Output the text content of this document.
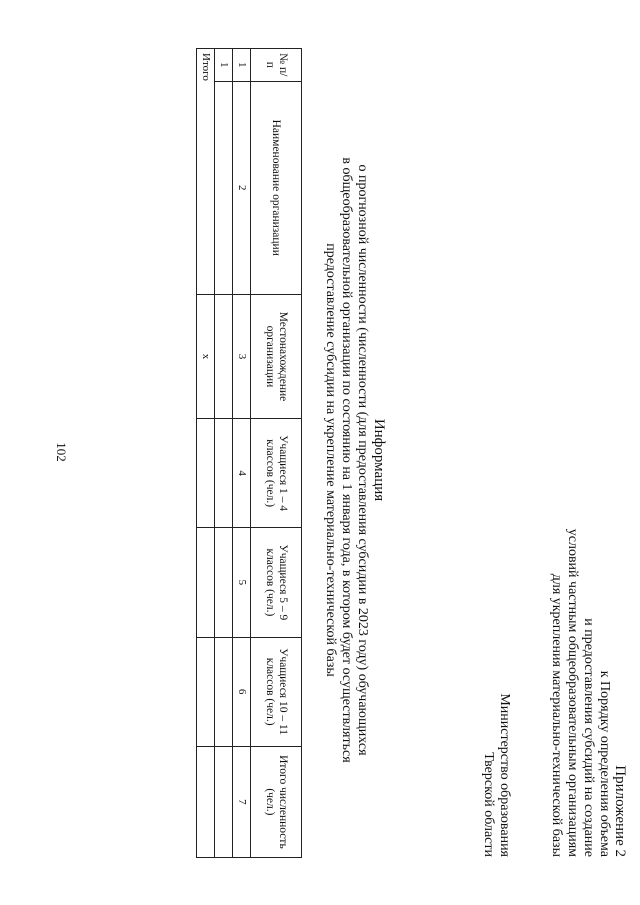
102
Приложение 2
к Порядку определения объема
и предоставления субсидий на создание
условий частным общеобразовательным организациям
для укрепления материально-технической базы
Министерство образования
Тверской области
Информация
о прогнозной численности (численности (для предоставления субсидии в 2023 году) обучающихся
в общеобразовательной организации по состоянию на 1 января года, в котором будет осуществляться
предоставление субсидии на укрепление материально-технической базы
№ п/п	Наименование организации	Местонахождение организации	Учащиеся 1 – 4 классов (чел.)	Учащиеся 5 – 9 классов (чел.)	Учащиеся 10 – 11 классов (чел.)	Итого численность (чел.)
1	2	3	4	5	6	7
1						
Итого		х				
